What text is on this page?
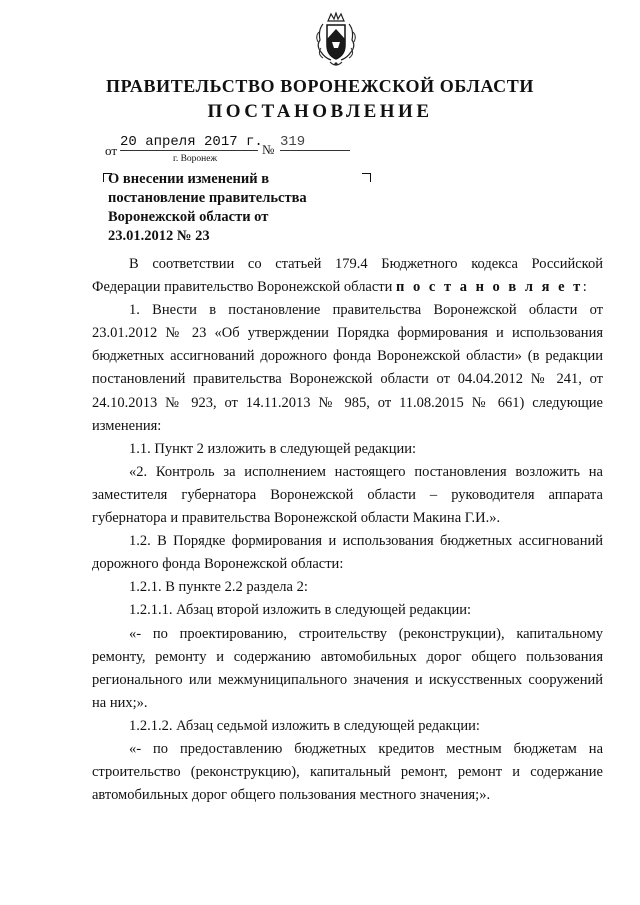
ПРАВИТЕЛЬСТВО ВОРОНЕЖСКОЙ ОБЛАСТИ
ПОСТАНОВЛЕНИЕ
от
20 апреля 2017 г. № 319
г. Воронеж
О внесении изменений в
постановление правительства
Воронежской области от
23.01.2012 № 23
В соответствии со статьей 179.4 Бюджетного кодекса Российской Федерации правительство Воронежской области п о с т а н о в л я е т:
1. Внести в постановление правительства Воронежской области от 23.01.2012 № 23 «Об утверждении Порядка формирования и использования бюджетных ассигнований дорожного фонда Воронежской области» (в редакции постановлений правительства Воронежской области от 04.04.2012 № 241, от 24.10.2013 № 923, от 14.11.2013 № 985, от 11.08.2015 № 661) следующие изменения:
1.1. Пункт 2 изложить в следующей редакции:
«2. Контроль за исполнением настоящего постановления возложить на заместителя губернатора Воронежской области – руководителя аппарата губернатора и правительства Воронежской области Макина Г.И.».
1.2. В Порядке формирования и использования бюджетных ассигнований дорожного фонда Воронежской области:
1.2.1. В пункте 2.2 раздела 2:
1.2.1.1. Абзац второй изложить в следующей редакции:
«- по проектированию, строительству (реконструкции), капитальному ремонту, ремонту и содержанию автомобильных дорог общего пользования регионального или межмуниципального значения и искусственных сооружений на них;».
1.2.1.2. Абзац седьмой изложить в следующей редакции:
«- по предоставлению бюджетных кредитов местным бюджетам на строительство (реконструкцию), капитальный ремонт, ремонт и содержание автомобильных дорог общего пользования местного значения;».
